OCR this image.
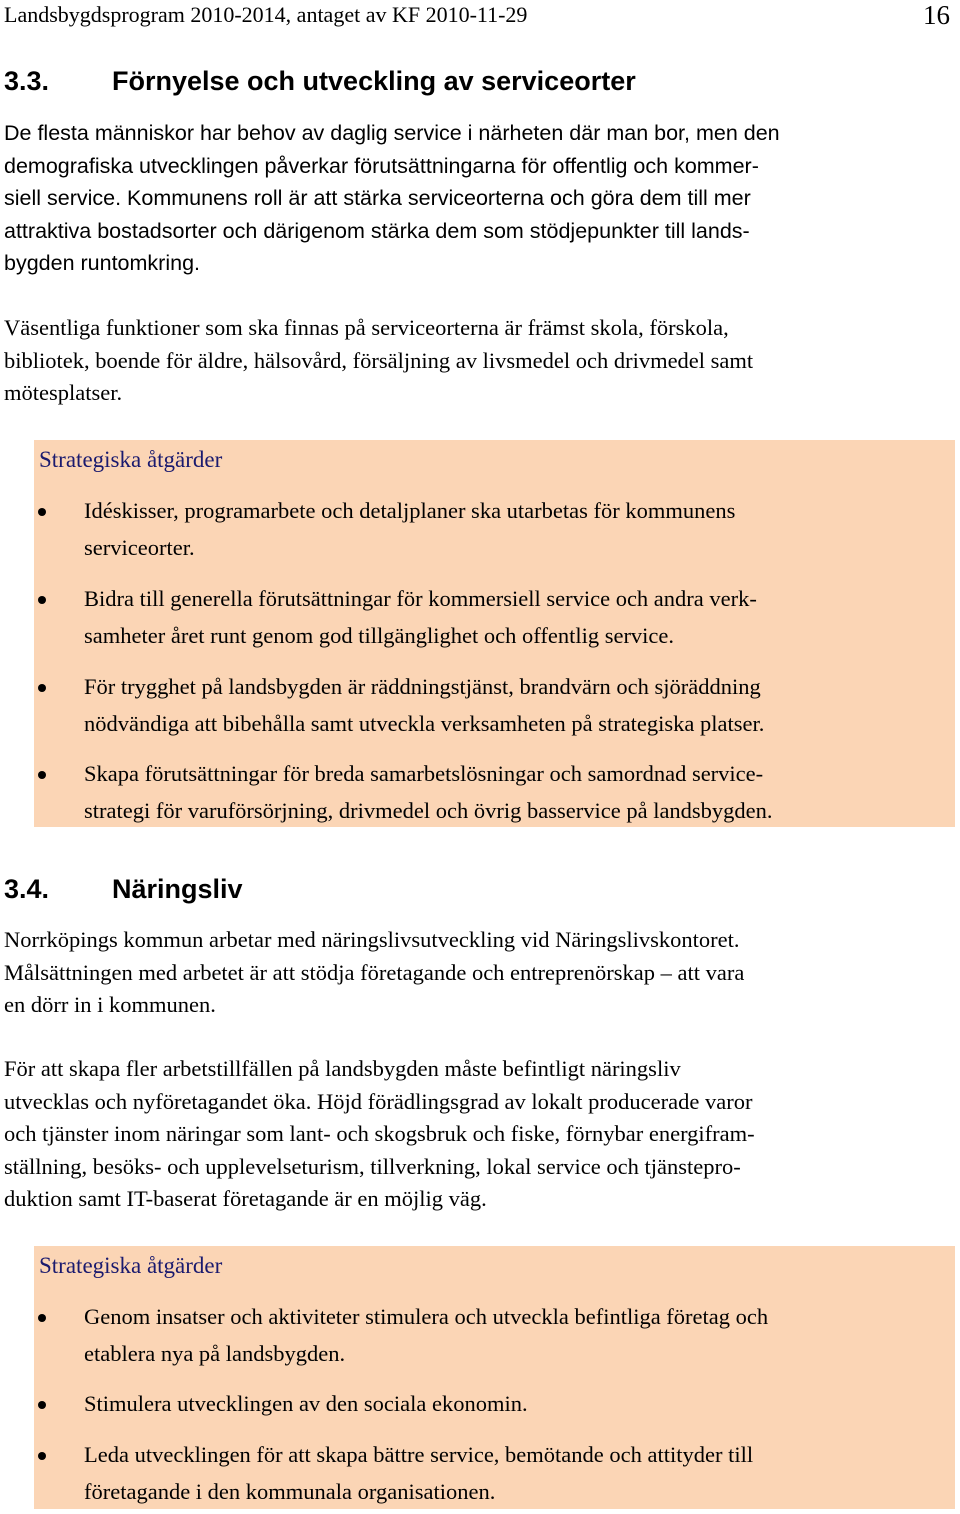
Landsbygdsprogram 2010-2014, antaget av KF 2010-11-29	16
3.3. Förnyelse och utveckling av serviceorter
De flesta människor har behov av daglig service i närheten där man bor, men den
demografiska utvecklingen påverkar förutsättningarna för offentlig och kommer-
siell service. Kommunens roll är att stärka serviceorterna och göra dem till mer
attraktiva bostadsorter och därigenom stärka dem som stödjepunkter till lands-
bygden runtomkring.
Väsentliga funktioner som ska finnas på serviceorterna är främst skola, förskola,
bibliotek, boende för äldre, hälsovård, försäljning av livsmedel och drivmedel samt
mötesplatser.
Strategiska åtgärder
Idéskisser, programarbete och detaljplaner ska utarbetas för kommunens
serviceorter.
Bidra till generella förutsättningar för kommersiell service och andra verk-
samheter året runt genom god tillgänglighet och offentlig service.
För trygghet på landsbygden är räddningstjänst, brandvärn och sjöräddning
nödvändiga att bibehålla samt utveckla verksamheten på strategiska platser.
Skapa förutsättningar för breda samarbetslösningar och samordnad service-
strategi för varuförsörjning, drivmedel och övrig basservice på landsbygden.
3.4. Näringsliv
Norrköpings kommun arbetar med näringslivsutveckling vid Näringslivskontoret.
Målsättningen med arbetet är att stödja företagande och entreprenörskap – att vara
en dörr in i kommunen.
För att skapa fler arbetstillfällen på landsbygden måste befintligt näringsliv
utvecklas och nyföretagandet öka. Höjd förädlingsgrad av lokalt producerade varor
och tjänster inom näringar som lant- och skogsbruk och fiske, förnybar energifram-
ställning, besöks- och upplevelseturism, tillverkning, lokal service och tjänstepro-
duktion samt IT-baserat företagande är en möjlig väg.
Strategiska åtgärder
Genom insatser och aktiviteter stimulera och utveckla befintliga företag och
etablera nya på landsbygden.
Stimulera utvecklingen av den sociala ekonomin.
Leda utvecklingen för att skapa bättre service, bemötande och attityder till
företagande i den kommunala organisationen.
